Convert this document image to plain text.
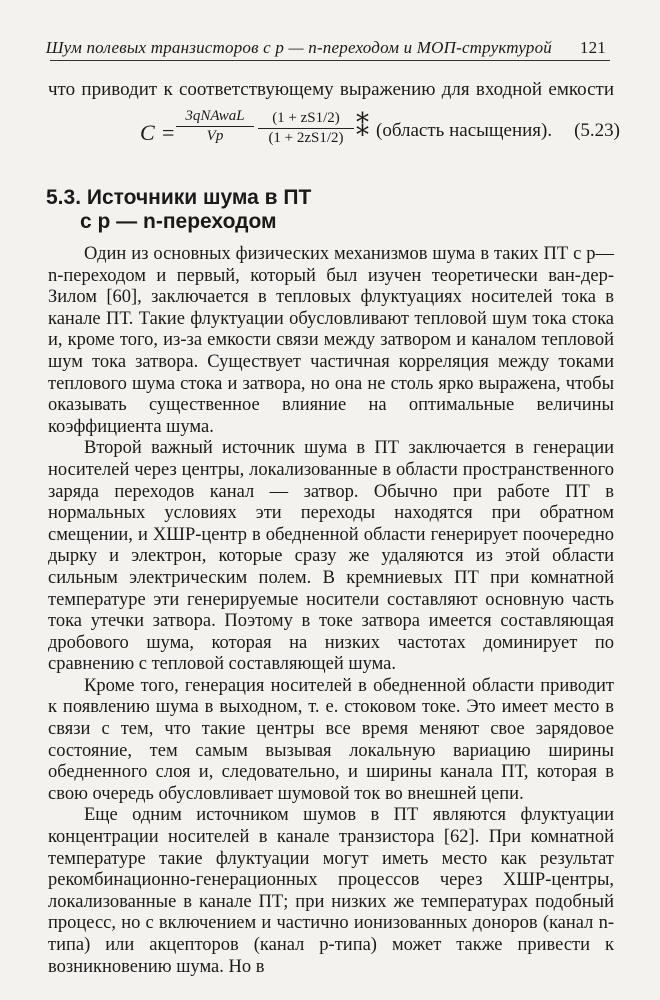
Шум полевых транзисторов с p — n-переходом и МОП-структурой 121
что приводит к соответствующему выражению для входной емкости
C =
3qNAwaL
Vp
(1 + zS1/2)
(1 + 2zS1/2) ⁑ (область насыщения). (5.23)
5.3. Источники шума в ПТ
с p — n-переходом

Один из основных физических механизмов шума в таких ПТ с p—n-переходом и первый, который был изучен теоретически ван-дер-Зилом [60], заключается в тепловых флуктуациях носителей тока в канале ПТ. Такие флуктуации обусловливают тепловой шум тока стока и, кроме того, из-за емкости связи между затвором и каналом тепловой шум тока затвора. Существует частичная корреляция между токами теплового шума стока и затвора, но она не столь ярко выражена, чтобы оказывать существенное влияние на оптимальные величины коэффициента шума.

Второй важный источник шума в ПТ заключается в генерации носителей через центры, локализованные в области пространственного заряда переходов канал — затвор. Обычно при работе ПТ в нормальных условиях эти переходы находятся при обратном смещении, и ХШР-центр в обедненной области генерирует поочередно дырку и электрон, которые сразу же удаляются из этой области сильным электрическим полем. В кремниевых ПТ при комнатной температуре эти генерируемые носители составляют основную часть тока утечки затвора. Поэтому в токе затвора имеется составляющая дробового шума, которая на низких частотах доминирует по сравнению с тепловой составляющей шума.

Кроме того, генерация носителей в обедненной области приводит к появлению шума в выходном, т. е. стоковом токе. Это имеет место в связи с тем, что такие центры все время меняют свое зарядовое состояние, тем самым вызывая локальную вариацию ширины обедненного слоя и, следовательно, и ширины канала ПТ, которая в свою очередь обусловливает шумовой ток во внешней цепи.

Еще одним источником шумов в ПТ являются флуктуации концентрации носителей в канале транзистора [62]. При комнатной температуре такие флуктуации могут иметь место как результат рекомбинационно-генерационных процессов через ХШР-центры, локализованные в канале ПТ; при низких же температурах подобный процесс, но с включением и частично ионизованных доноров (канал n-типа) или акцепторов (канал p-типа) может также привести к возникновению шума. Но в
